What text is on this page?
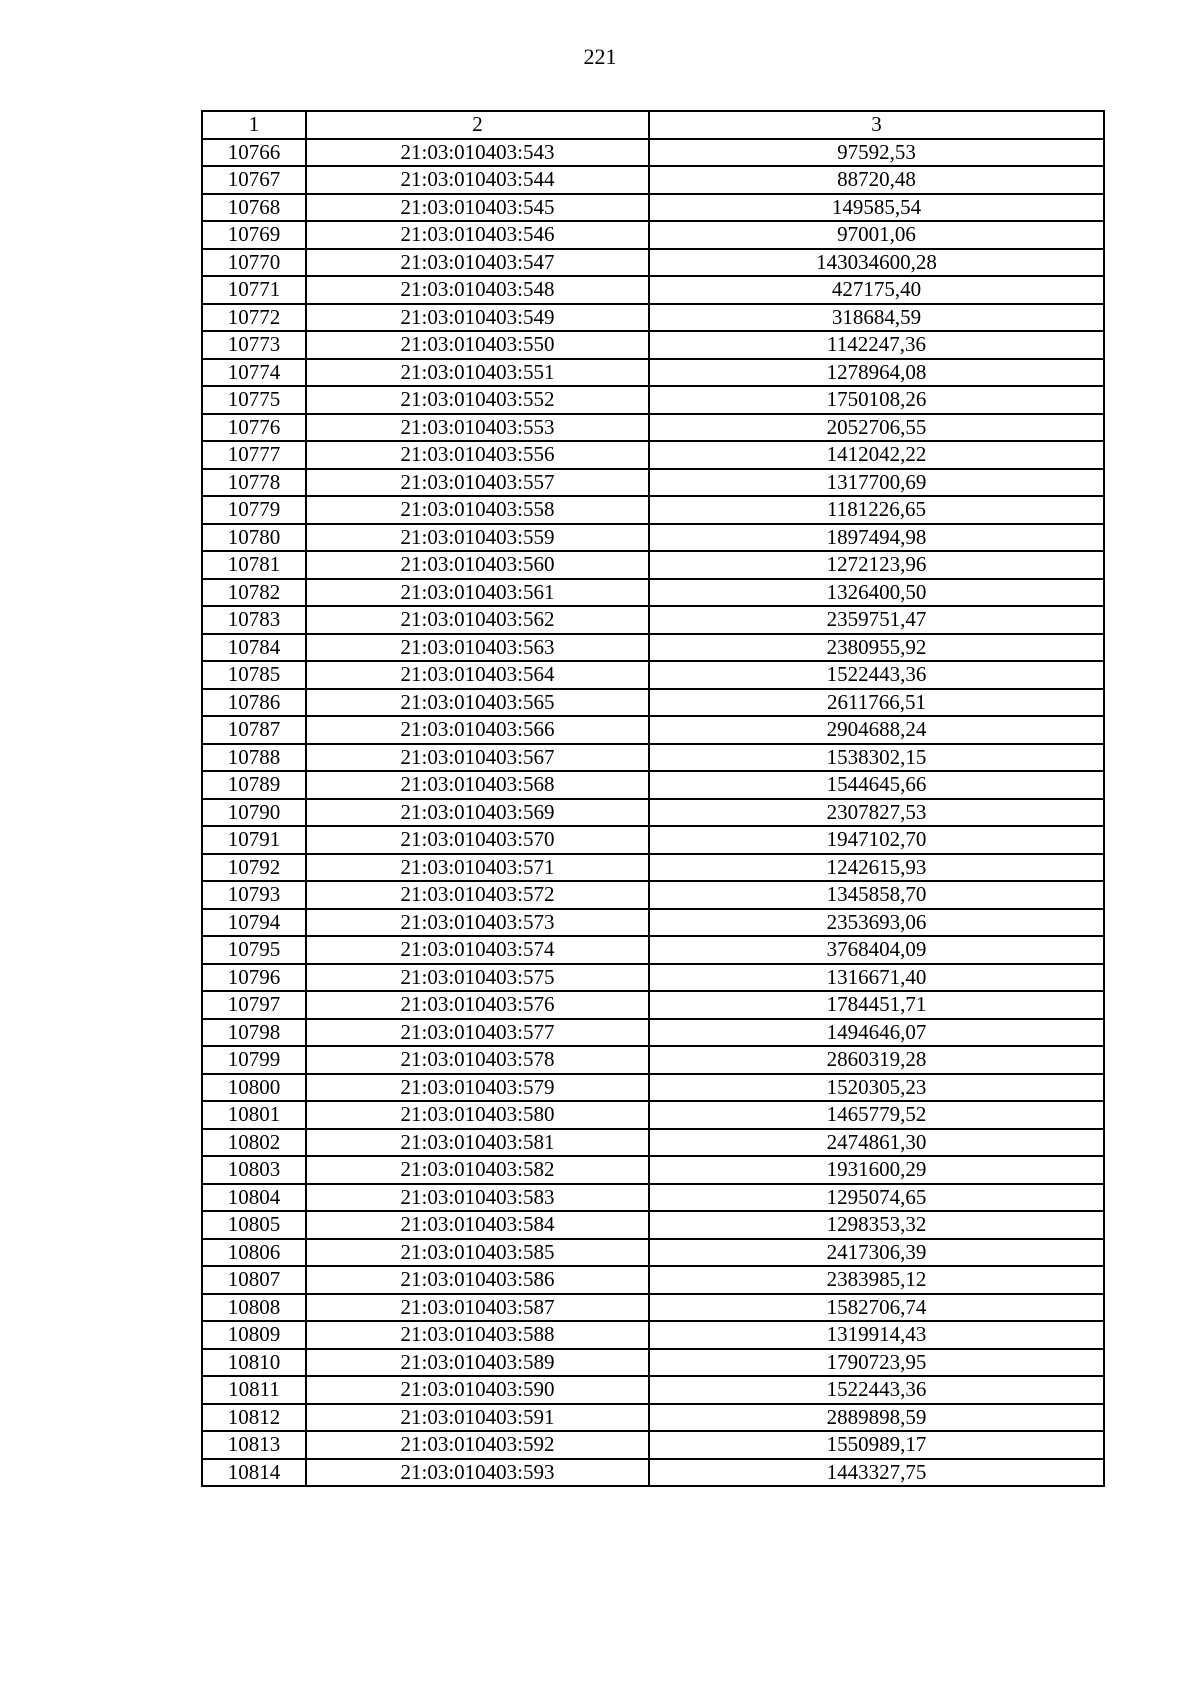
221
1	2	3
10766	21:03:010403:543	97592,53
10767	21:03:010403:544	88720,48
10768	21:03:010403:545	149585,54
10769	21:03:010403:546	97001,06
10770	21:03:010403:547	143034600,28
10771	21:03:010403:548	427175,40
10772	21:03:010403:549	318684,59
10773	21:03:010403:550	1142247,36
10774	21:03:010403:551	1278964,08
10775	21:03:010403:552	1750108,26
10776	21:03:010403:553	2052706,55
10777	21:03:010403:556	1412042,22
10778	21:03:010403:557	1317700,69
10779	21:03:010403:558	1181226,65
10780	21:03:010403:559	1897494,98
10781	21:03:010403:560	1272123,96
10782	21:03:010403:561	1326400,50
10783	21:03:010403:562	2359751,47
10784	21:03:010403:563	2380955,92
10785	21:03:010403:564	1522443,36
10786	21:03:010403:565	2611766,51
10787	21:03:010403:566	2904688,24
10788	21:03:010403:567	1538302,15
10789	21:03:010403:568	1544645,66
10790	21:03:010403:569	2307827,53
10791	21:03:010403:570	1947102,70
10792	21:03:010403:571	1242615,93
10793	21:03:010403:572	1345858,70
10794	21:03:010403:573	2353693,06
10795	21:03:010403:574	3768404,09
10796	21:03:010403:575	1316671,40
10797	21:03:010403:576	1784451,71
10798	21:03:010403:577	1494646,07
10799	21:03:010403:578	2860319,28
10800	21:03:010403:579	1520305,23
10801	21:03:010403:580	1465779,52
10802	21:03:010403:581	2474861,30
10803	21:03:010403:582	1931600,29
10804	21:03:010403:583	1295074,65
10805	21:03:010403:584	1298353,32
10806	21:03:010403:585	2417306,39
10807	21:03:010403:586	2383985,12
10808	21:03:010403:587	1582706,74
10809	21:03:010403:588	1319914,43
10810	21:03:010403:589	1790723,95
10811	21:03:010403:590	1522443,36
10812	21:03:010403:591	2889898,59
10813	21:03:010403:592	1550989,17
10814	21:03:010403:593	1443327,75
